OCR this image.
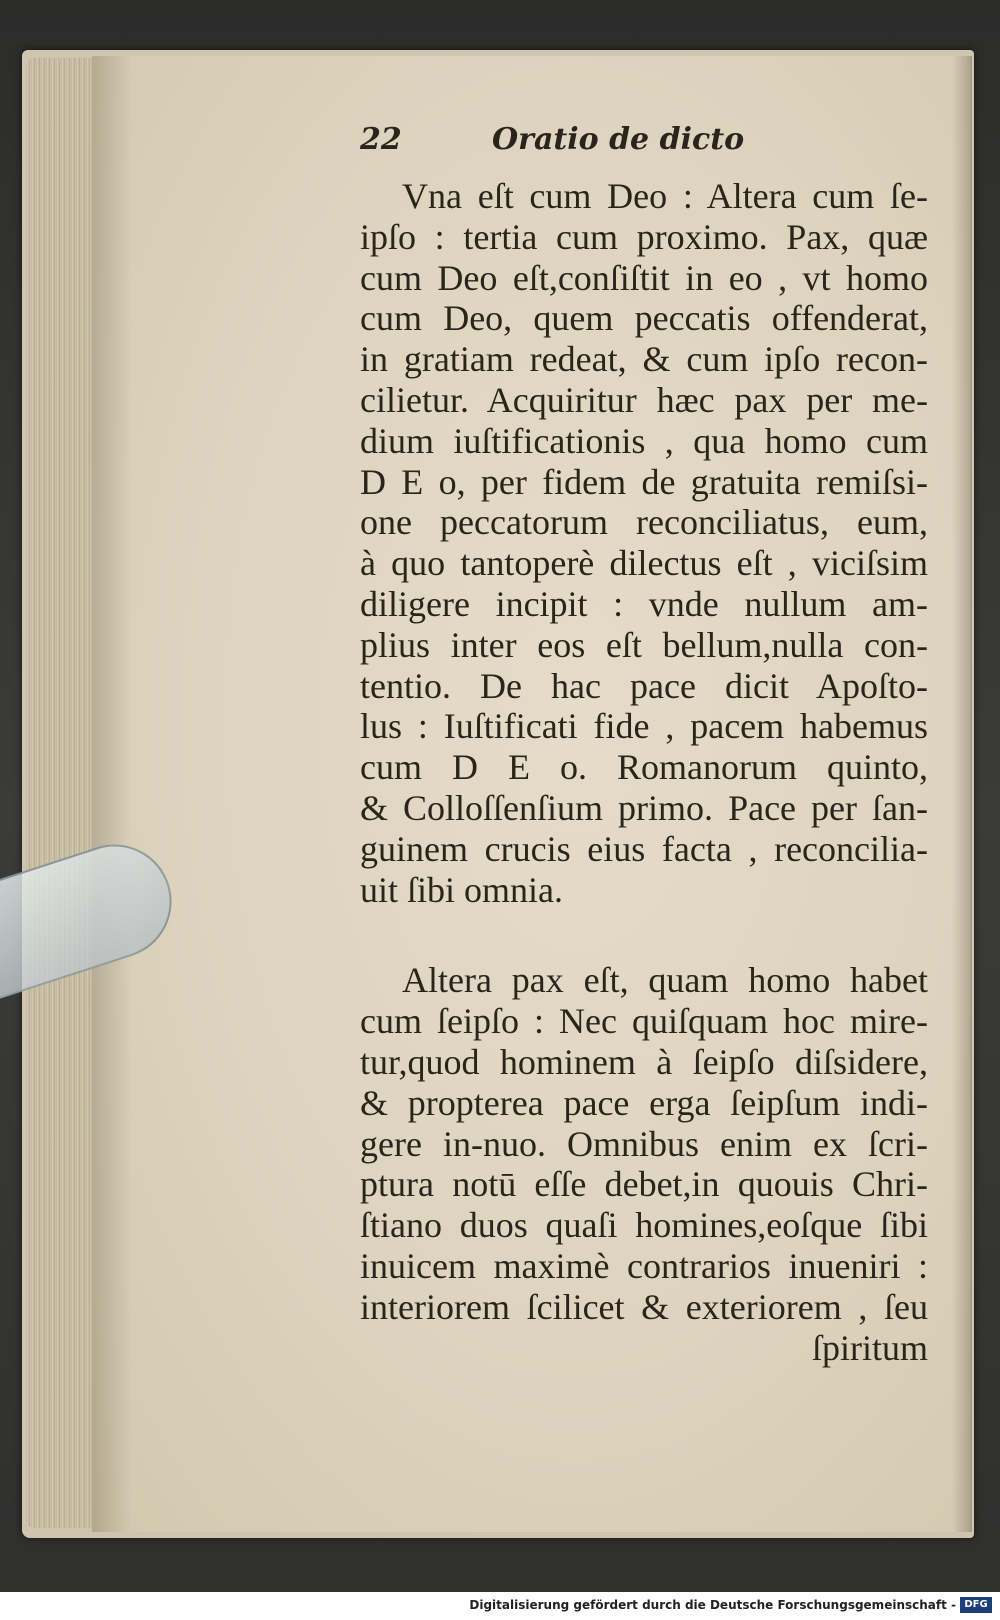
22	Oratio de dicto
Vna eſt cum Deo : Altera cum ſe-
ipſo : tertia cum proximo. Pax, quæ
cum Deo eſt,conſiſtit in eo , vt homo
cum Deo, quem peccatis offenderat,
in gratiam redeat, & cum ipſo recon-
cilietur. Acquiritur hæc pax per me-
dium iuſtificationis , qua homo cum
D E o, per fidem de gratuita remiſsi-
one peccatorum reconciliatus, eum,
à quo tantoperè dilectus eſt , viciſsim
diligere incipit : vnde nullum am-
plius inter eos eſt bellum,nulla con-
tentio. De hac pace dicit Apoſto-
lus : Iuſtificati fide , pacem habemus
cum D E o. Romanorum quinto,
& Colloſſenſium primo. Pace per ſan-
guinem crucis eius facta , reconcilia-
uit ſibi omnia.
Altera pax eſt, quam homo habet
cum ſeipſo : Nec quiſquam hoc mire-
tur,quod hominem à ſeipſo diſsidere,
& propterea pace erga ſeipſum indi-
gere in-nuo. Omnibus enim ex ſcri-
ptura notū eſſe debet,in quouis Chri-
ſtiano duos quaſi homines,eoſque ſibi
inuicem maximè contrarios inueniri :
interiorem ſcilicet & exteriorem , ſeu
ſpiritum
Digitalisierung gefördert durch die Deutsche Forschungsgemeinschaft - DFG
